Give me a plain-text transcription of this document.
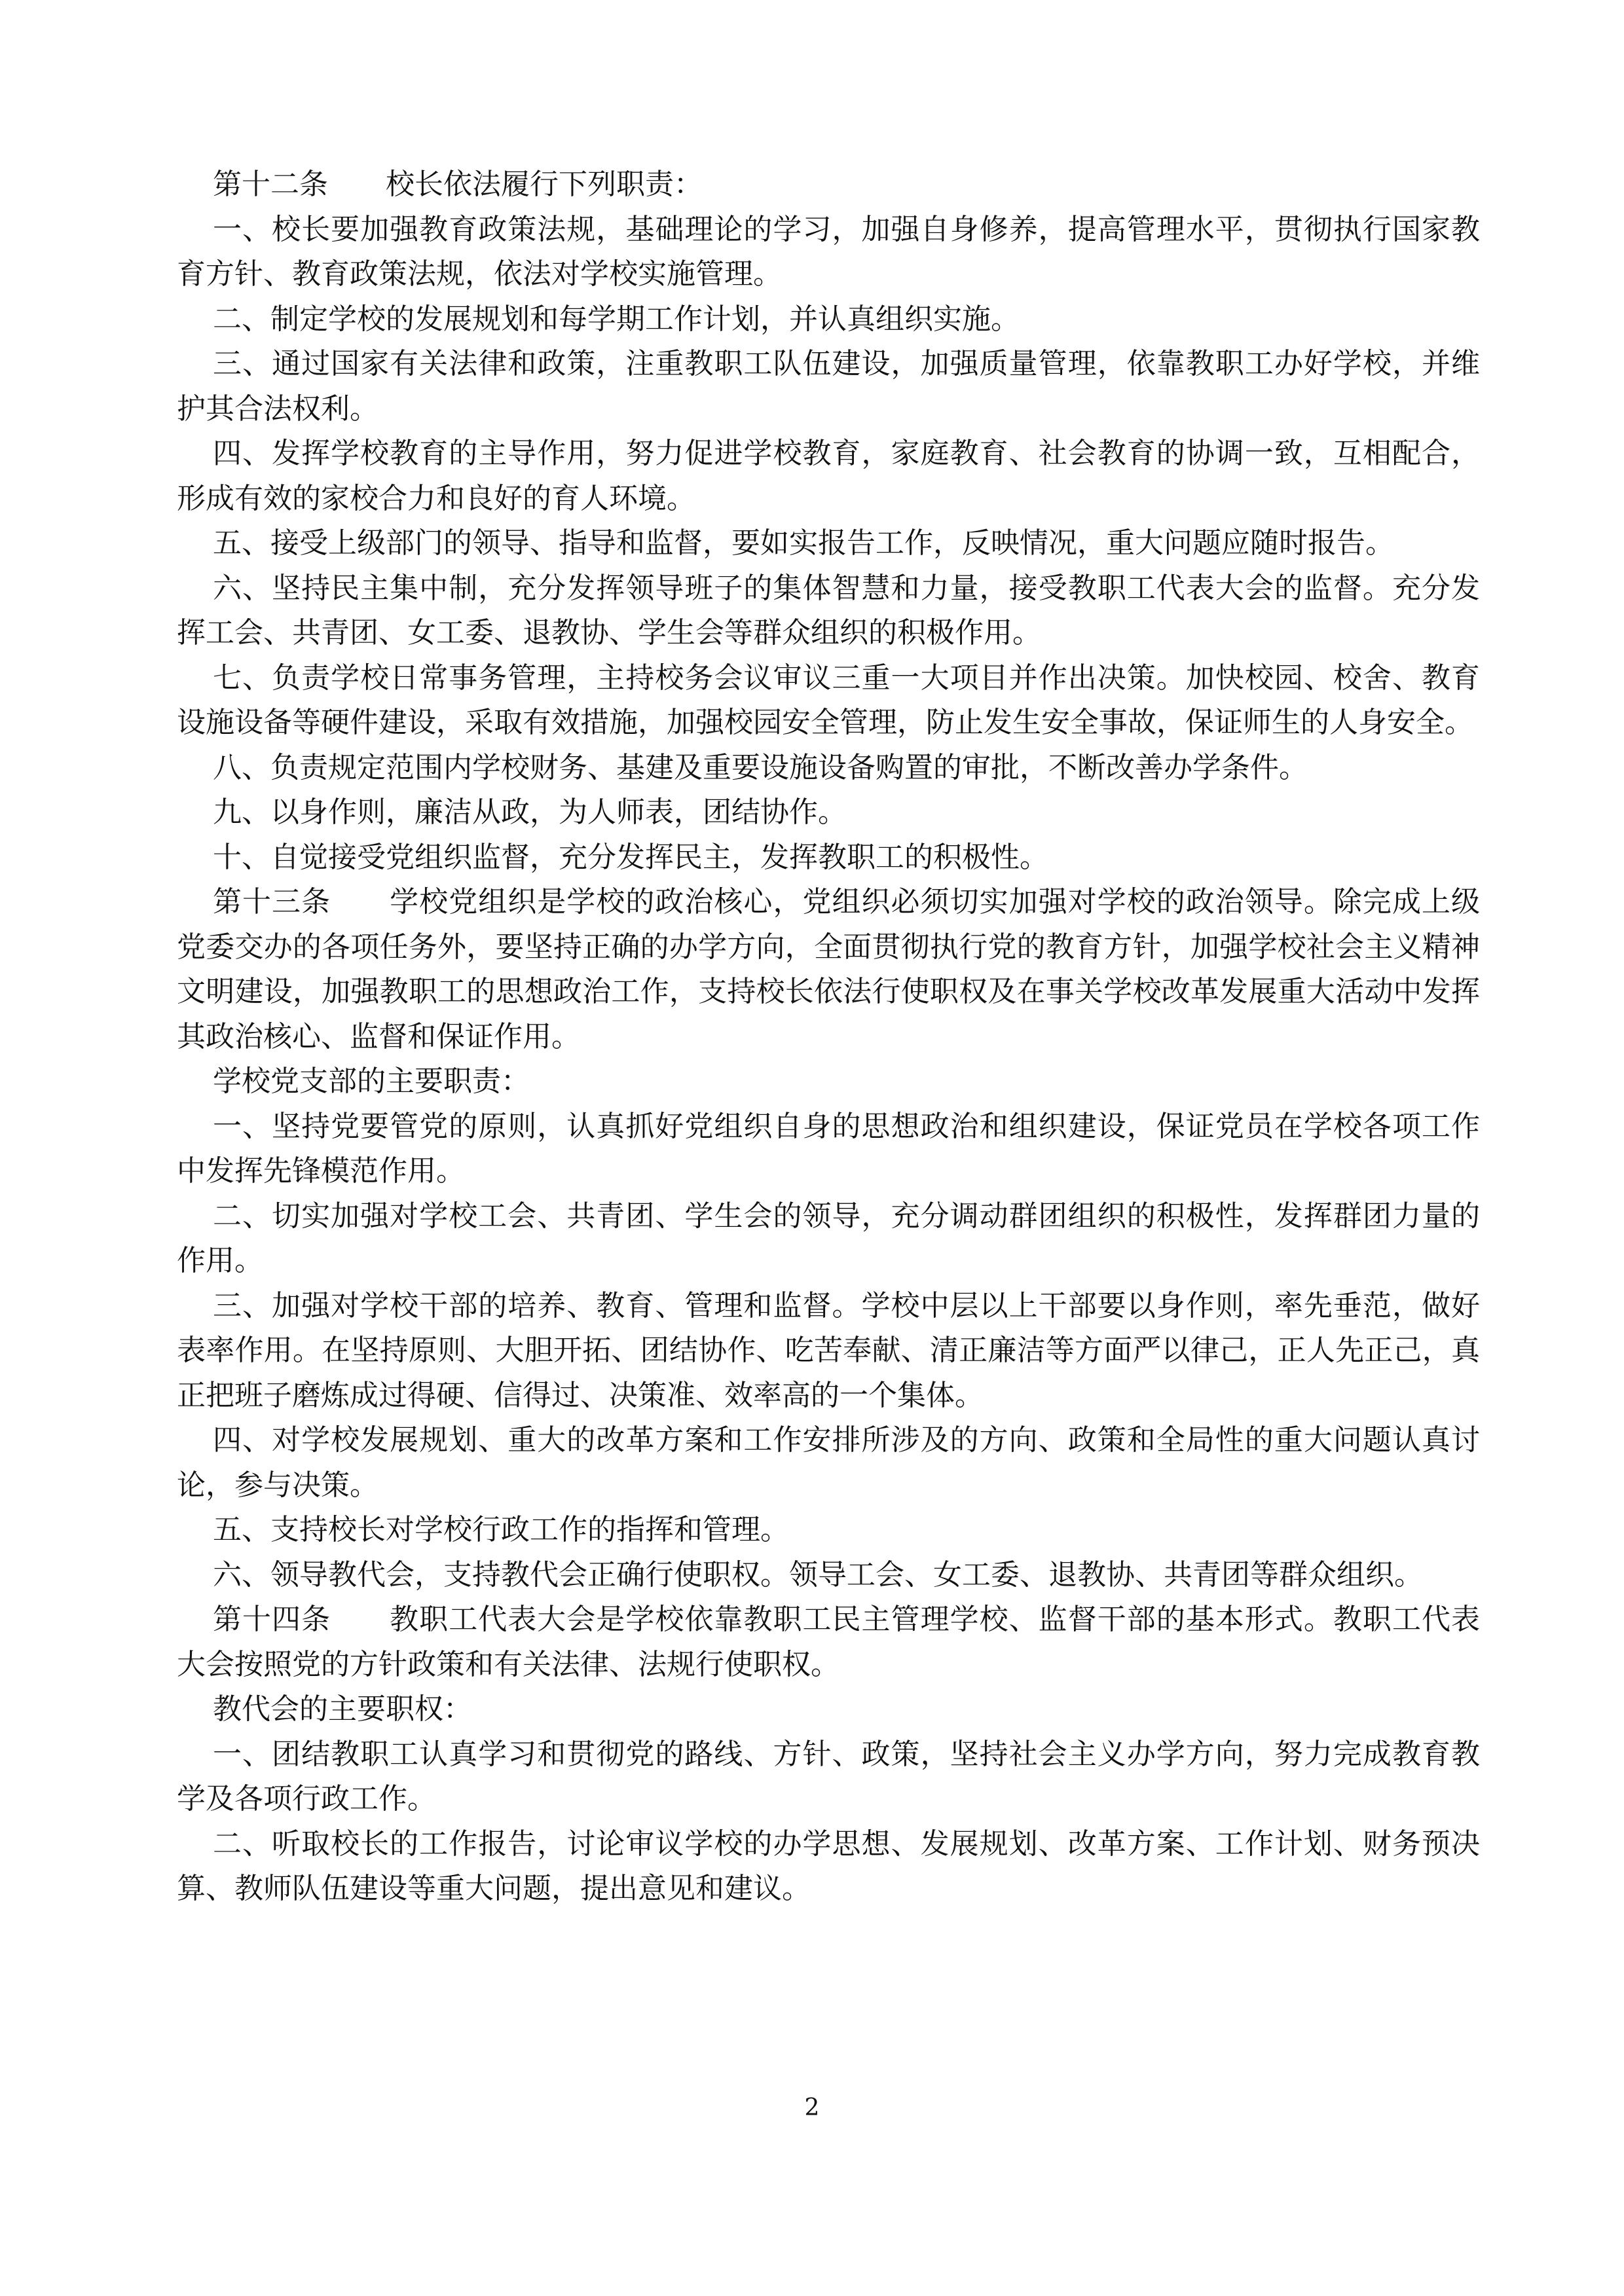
第十二条　　校长依法履行下列职责：

一、校长要加强教育政策法规，基础理论的学习，加强自身修养，提高管理水平，贯彻执行国家教育方针、教育政策法规，依法对学校实施管理。

二、制定学校的发展规划和每学期工作计划，并认真组织实施。

三、通过国家有关法律和政策，注重教职工队伍建设，加强质量管理，依靠教职工办好学校，并维护其合法权利。

四、发挥学校教育的主导作用，努力促进学校教育，家庭教育、社会教育的协调一致，互相配合，形成有效的家校合力和良好的育人环境。

五、接受上级部门的领导、指导和监督，要如实报告工作，反映情况，重大问题应随时报告。

六、坚持民主集中制，充分发挥领导班子的集体智慧和力量，接受教职工代表大会的监督。充分发挥工会、共青团、女工委、退教协、学生会等群众组织的积极作用。

七、负责学校日常事务管理，主持校务会议审议三重一大项目并作出决策。加快校园、校舍、教育设施设备等硬件建设，采取有效措施，加强校园安全管理，防止发生安全事故，保证师生的人身安全。

八、负责规定范围内学校财务、基建及重要设施设备购置的审批，不断改善办学条件。

九、以身作则，廉洁从政，为人师表，团结协作。

十、自觉接受党组织监督，充分发挥民主，发挥教职工的积极性。

第十三条　　学校党组织是学校的政治核心，党组织必须切实加强对学校的政治领导。除完成上级党委交办的各项任务外，要坚持正确的办学方向，全面贯彻执行党的教育方针，加强学校社会主义精神文明建设，加强教职工的思想政治工作，支持校长依法行使职权及在事关学校改革发展重大活动中发挥其政治核心、监督和保证作用。

学校党支部的主要职责：

一、坚持党要管党的原则，认真抓好党组织自身的思想政治和组织建设，保证党员在学校各项工作中发挥先锋模范作用。

二、切实加强对学校工会、共青团、学生会的领导，充分调动群团组织的积极性，发挥群团力量的作用。

三、加强对学校干部的培养、教育、管理和监督。学校中层以上干部要以身作则，率先垂范，做好表率作用。在坚持原则、大胆开拓、团结协作、吃苦奉献、清正廉洁等方面严以律己，正人先正己，真正把班子磨炼成过得硬、信得过、决策准、效率高的一个集体。

四、对学校发展规划、重大的改革方案和工作安排所涉及的方向、政策和全局性的重大问题认真讨论，参与决策。

五、支持校长对学校行政工作的指挥和管理。

六、领导教代会，支持教代会正确行使职权。领导工会、女工委、退教协、共青团等群众组织。

第十四条　　教职工代表大会是学校依靠教职工民主管理学校、监督干部的基本形式。教职工代表大会按照党的方针政策和有关法律、法规行使职权。

教代会的主要职权：

一、团结教职工认真学习和贯彻党的路线、方针、政策，坚持社会主义办学方向，努力完成教育教学及各项行政工作。

二、听取校长的工作报告，讨论审议学校的办学思想、发展规划、改革方案、工作计划、财务预决算、教师队伍建设等重大问题，提出意见和建议。

2
